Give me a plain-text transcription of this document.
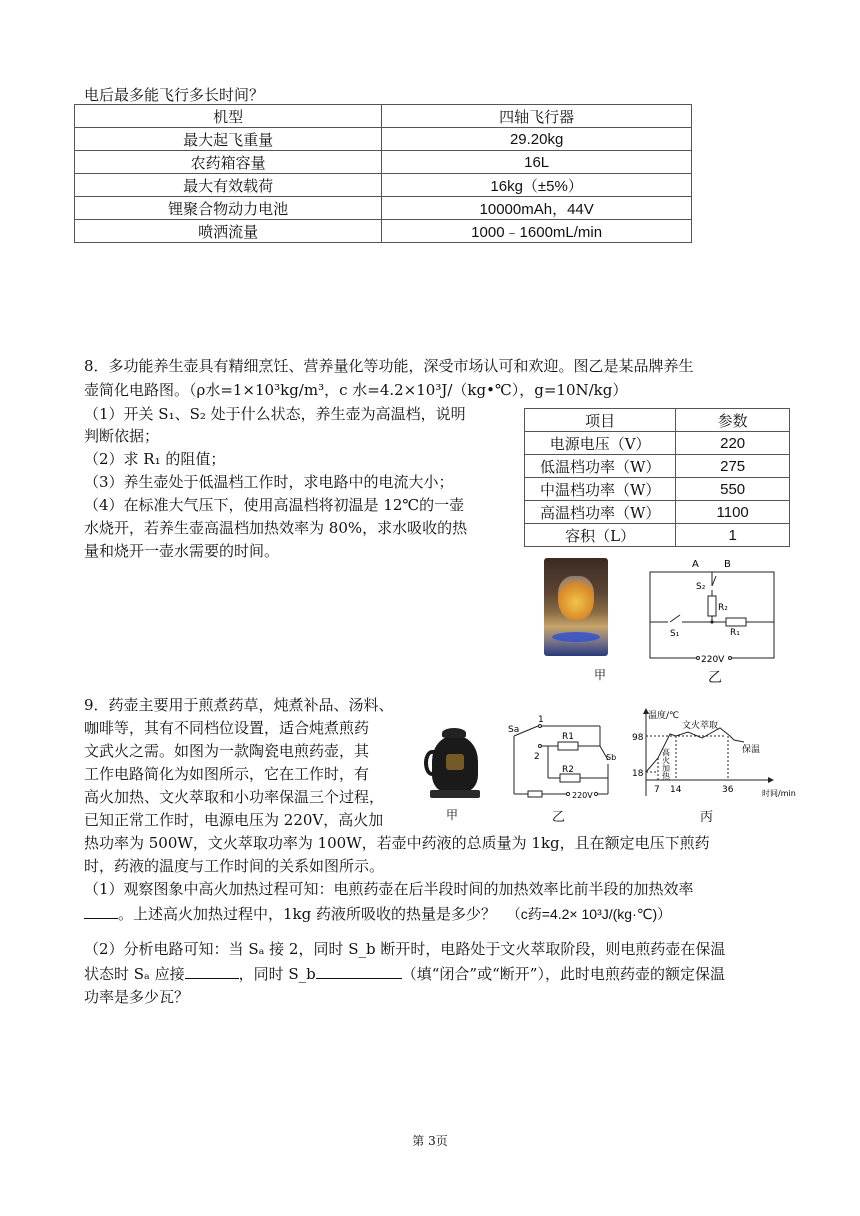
电后最多能飞行多长时间？
机型	四轴飞行器
最大起飞重量	29.20kg
农药箱容量	16L
最大有效载荷	16kg（±5%）
锂聚合物动力电池	10000mAh，44V
喷洒流量	1000﹣1600mL/min
8．多功能养生壶具有精细烹饪、营养量化等功能，深受市场认可和欢迎。图乙是某品牌养生
壶简化电路图。（ρ水=1×10³kg/m³，c 水=4.2×10³J/（kg•℃），g=10N/kg）
（1）开关 S₁、S₂ 处于什么状态，养生壶为高温档，说明
判断依据；
（2）求 R₁ 的阻值；
（3）养生壶处于低温档工作时，求电路中的电流大小；
（4）在标准大气压下，使用高温档将初温是 12℃的一壶
水烧开，若养生壶高温档加热效率为 80%，求水吸收的热
量和烧开一壶水需要的时间。
项目	参数
电源电压（V）	220
低温档功率（W）	275
中温档功率（W）	550
高温档功率（W）	1100
容积（L）	1
甲
220V
A	B
S₂
R₂
S₁	R₁
乙
9．药壶主要用于煎煮药草，炖煮补品、汤料、
咖啡等，其有不同档位设置，适合炖煮煎药
文武火之需。如图为一款陶瓷电煎药壶，其
工作电路简化为如图所示，它在工作时，有
高火加热、文火萃取和小功率保温三个过程，
已知正常工作时，电源电压为 220V，高火加
热功率为 500W，文火萃取功率为 100W，若壶中药液的总质量为 1kg，且在额定电压下煎药
时，药液的温度与工作时间的关系如图所示。
甲
Sa
1
2
R1
R2
Sb
220V
乙
温度/℃
时间/min
98
18
7 14	36
文火萃取
保温
高火加热
丙
（1）观察图象中高火加热过程可知：电煎药壶在后半段时间的加热效率比前半段的加热效率
。上述高火加热过程中，1kg 药液所吸收的热量是多少？ （c药=4.2× 10³J/(kg·℃)）
（2）分析电路可知：当 Sₐ 接 2，同时 S_b 断开时，电路处于文火萃取阶段，则电煎药壶在保温
状态时 Sₐ 应接	，同时 S_b	（填“闭合”或“断开”），此时电煎药壶的额定保温
功率是多少瓦？
第 3页
